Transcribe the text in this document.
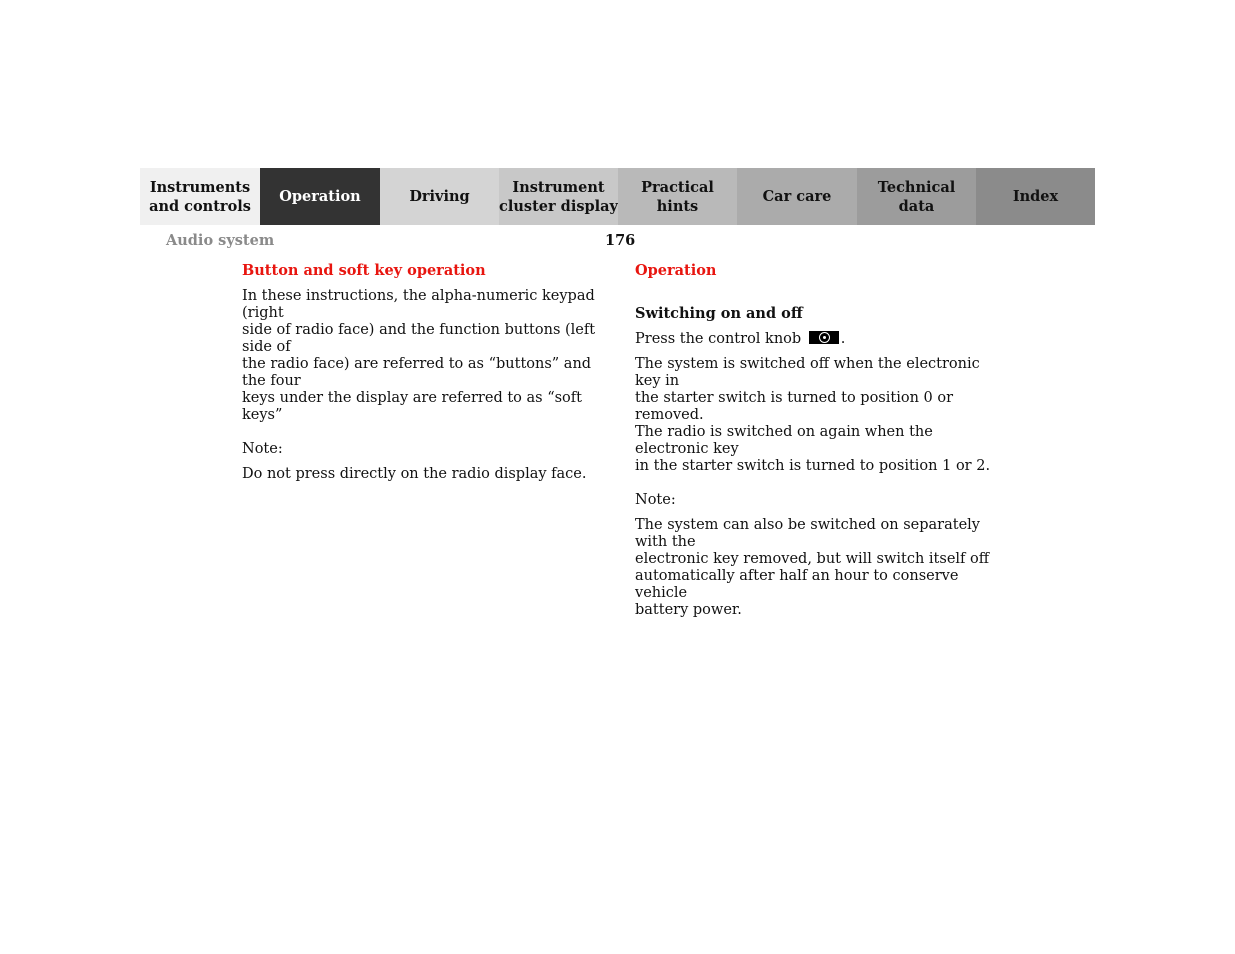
Instruments
and controls
Operation	Driving
Instrument
cluster display
Practical hints
Car care
Technical
data
Index
Audio system	176
Button and soft key operation

In these instructions, the alpha-numeric keypad (right
side of radio face) and the function buttons (left side of
the radio face) are referred to as “buttons” and the four
keys under the display are referred to as “soft keys”

Note:

Do not press directly on the radio display face.

Operation
Switching on and off

Press the control knob	.

The system is switched off when the electronic key in
the starter switch is turned to position 0 or removed.
The radio is switched on again when the electronic key
in the starter switch is turned to position 1 or 2.

Note:

The system can also be switched on separately with the
electronic key removed, but will switch itself off
automatically after half an hour to conserve vehicle
battery power.
